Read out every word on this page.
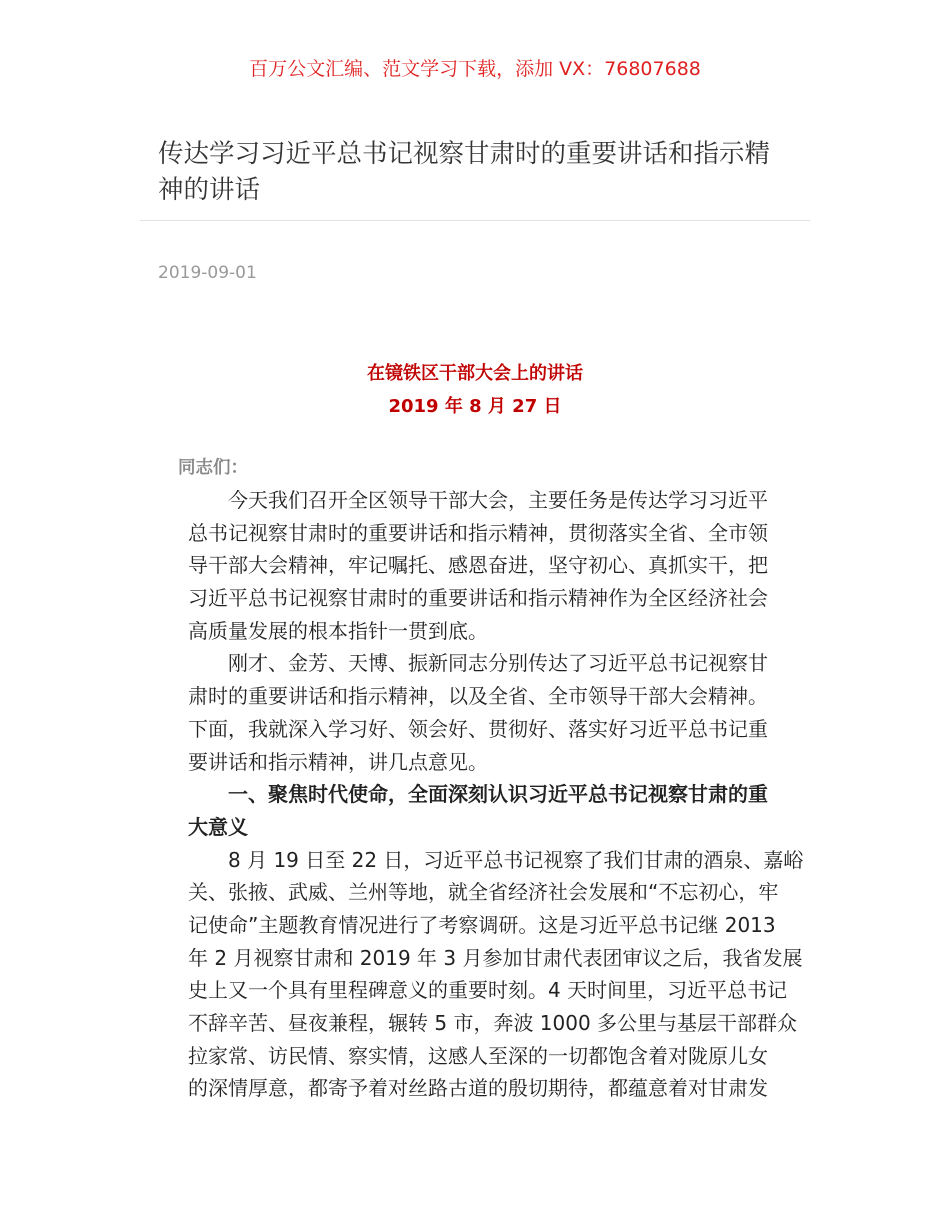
百万公文汇编、范文学习下载，添加 VX：76807688
传达学习习近平总书记视察甘肃时的重要讲话和指示精
神的讲话
2019-09-01
在镜铁区干部大会上的讲话
2019 年 8 月 27 日
同志们：
今天我们召开全区领导干部大会，主要任务是传达学习习近平
总书记视察甘肃时的重要讲话和指示精神，贯彻落实全省、全市领
导干部大会精神，牢记嘱托、感恩奋进，坚守初心、真抓实干，把
习近平总书记视察甘肃时的重要讲话和指示精神作为全区经济社会
高质量发展的根本指针一贯到底。
刚才、金芳、天博、振新同志分别传达了习近平总书记视察甘
肃时的重要讲话和指示精神，以及全省、全市领导干部大会精神。
下面，我就深入学习好、领会好、贯彻好、落实好习近平总书记重
要讲话和指示精神，讲几点意见。
一、聚焦时代使命，全面深刻认识习近平总书记视察甘肃的重
大意义
8 月 19 日至 22 日，习近平总书记视察了我们甘肃的酒泉、嘉峪
关、张掖、武威、兰州等地，就全省经济社会发展和“不忘初心，牢
记使命”主题教育情况进行了考察调研。这是习近平总书记继 2013
年 2 月视察甘肃和 2019 年 3 月参加甘肃代表团审议之后，我省发展
史上又一个具有里程碑意义的重要时刻。4 天时间里，习近平总书记
不辞辛苦、昼夜兼程，辗转 5 市，奔波 1000 多公里与基层干部群众
拉家常、访民情、察实情，这感人至深的一切都饱含着对陇原儿女
的深情厚意，都寄予着对丝路古道的殷切期待，都蕴意着对甘肃发
